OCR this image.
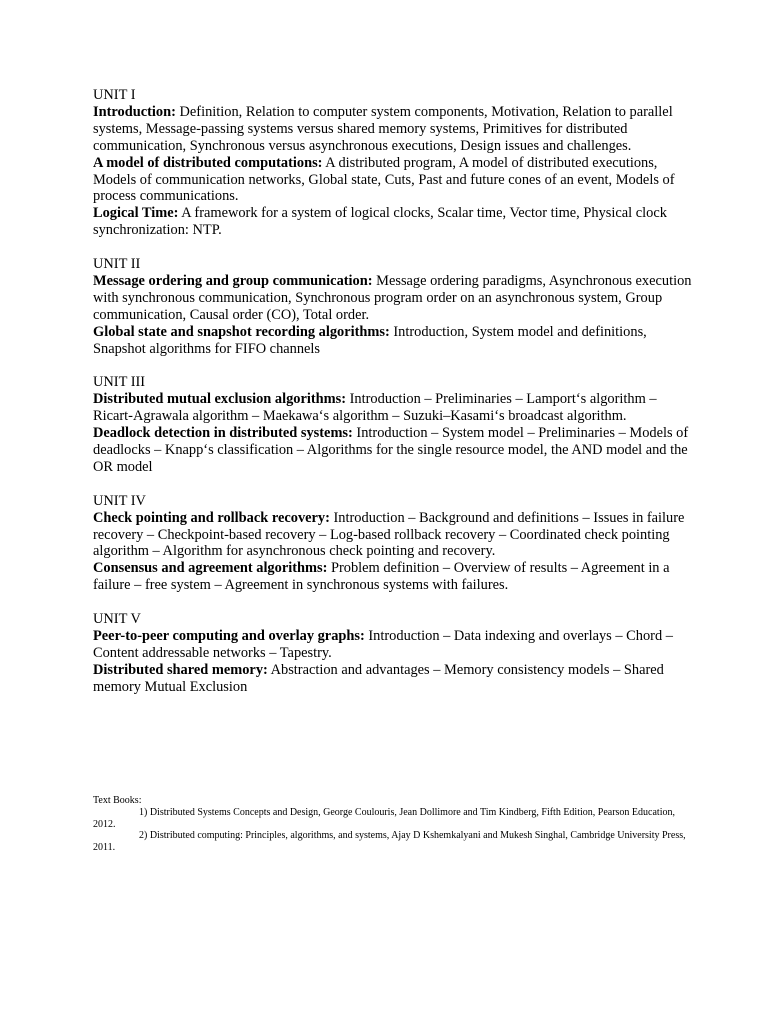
UNIT I
Introduction: Definition, Relation to computer system components, Motivation, Relation to parallel systems, Message-passing systems versus shared memory systems, Primitives for distributed communication, Synchronous versus asynchronous executions, Design issues and challenges.
A model of distributed computations: A distributed program, A model of distributed executions, Models of communication networks, Global state, Cuts, Past and future cones of an event, Models of process communications.
Logical Time: A framework for a system of logical clocks, Scalar time, Vector time, Physical clock synchronization: NTP.
UNIT II
Message ordering and group communication: Message ordering paradigms, Asynchronous execution with synchronous communication, Synchronous program order on an asynchronous system, Group communication, Causal order (CO), Total order.
Global state and snapshot recording algorithms: Introduction, System model and definitions, Snapshot algorithms for FIFO channels
UNIT III
Distributed mutual exclusion algorithms: Introduction – Preliminaries – Lamport‘s algorithm – Ricart-Agrawala algorithm – Maekawa‘s algorithm – Suzuki–Kasami‘s broadcast algorithm.
Deadlock detection in distributed systems: Introduction – System model – Preliminaries – Models of deadlocks – Knapp‘s classification – Algorithms for the single resource model, the AND model and the OR model
UNIT IV
Check pointing and rollback recovery: Introduction – Background and definitions – Issues in failure recovery – Checkpoint-based recovery – Log-based rollback recovery – Coordinated check pointing algorithm – Algorithm for asynchronous check pointing and recovery.
Consensus and agreement algorithms: Problem definition – Overview of results – Agreement in a failure – free system – Agreement in synchronous systems with failures.
UNIT V
Peer-to-peer computing and overlay graphs: Introduction – Data indexing and overlays – Chord – Content addressable networks – Tapestry.
Distributed shared memory: Abstraction and advantages – Memory consistency models – Shared memory Mutual Exclusion
Text Books:
1) Distributed Systems Concepts and Design, George Coulouris, Jean Dollimore and Tim Kindberg, Fifth Edition, Pearson Education, 2012.
2) Distributed computing: Principles, algorithms, and systems, Ajay D Kshemkalyani and Mukesh Singhal, Cambridge University Press, 2011.
